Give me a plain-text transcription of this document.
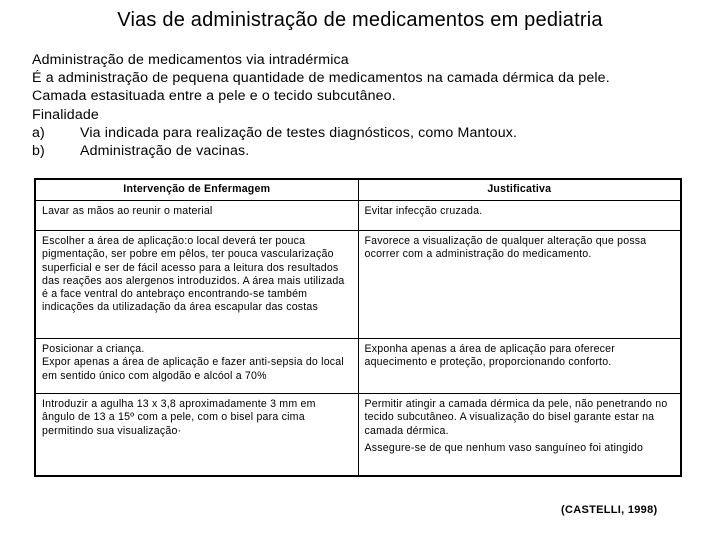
Vias de administração de medicamentos em pediatria
Administração de medicamentos via intradérmica
É a administração de pequena quantidade de medicamentos na camada dérmica da pele.
Camada estasituada entre a pele e o tecido subcutâneo.
Finalidade
a) Via indicada para realização de testes diagnósticos, como Mantoux.
b) Administração de vacinas.
Intervenção de Enfermagem	Justificativa

Lavar as mãos ao reunir o material	Evitar infecção cruzada.

Escolher a área de aplicação:o local deverá ter pouca pigmentação, ser pobre em pêlos, ter pouca vascularização superficial e ser de fácil acesso para a leitura dos resultados das reações aos alergenos introduzidos. A área mais utilizada é a face ventral do antebraço encontrando-se também indicações da utilizadação da área escapular das costas	Favorece a visualização de qualquer alteração que possa ocorrer com a administração do medicamento.

Posicionar a criança.
Expor apenas a área de aplicação e fazer anti-sepsia do local em sentido único com algodão e alcóol a 70%	Exponha apenas a área de aplicação para oferecer aquecimento e proteção, proporcionando conforto.

Introduzir a agulha 13 x 3,8 aproximadamente 3 mm em ângulo de 13 a 15º com a pele, com o bisel para cima permitindo sua visualização·	Permitir atingir a camada dérmica da pele, não penetrando no tecido subcutâneo. A visualização do bisel garante estar na camada dérmica.
Assegure-se de que nenhum vaso sanguíneo foi atingido
(CASTELLI, 1998)
